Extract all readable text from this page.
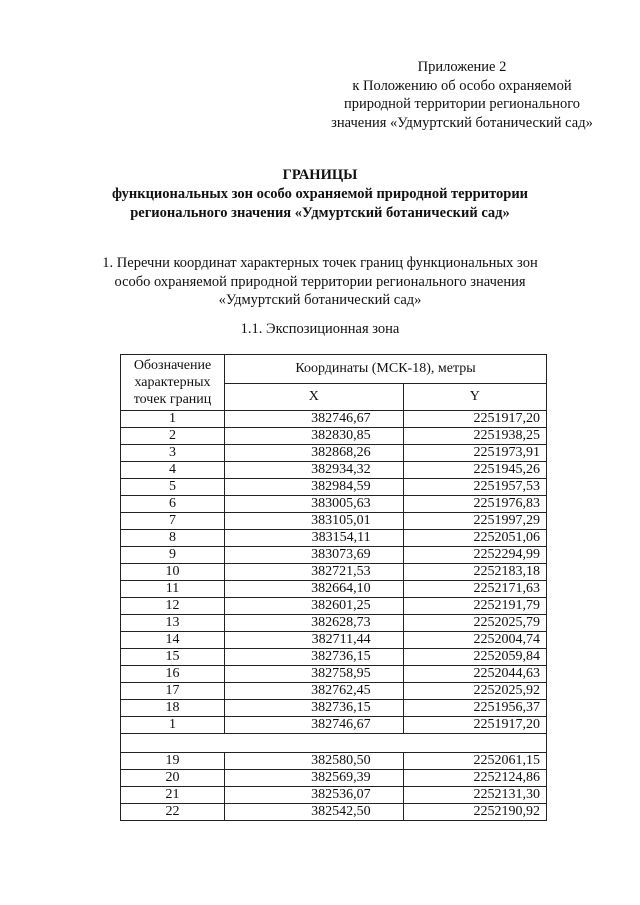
Приложение 2
к Положению об особо охраняемой
природной территории регионального
значения «Удмуртский ботанический сад»
ГРАНИЦЫ
функциональных зон особо охраняемой природной территории
регионального значения «Удмуртский ботанический сад»
1. Перечни координат характерных точек границ функциональных зон
особо охраняемой природной территории регионального значения
«Удмуртский ботанический сад»
1.1. Экспозиционная зона
Обозначение характерных точек границ	Координаты (МСК-18), метры	
	X	Y
1	382746,67	2251917,20
2	382830,85	2251938,25
3	382868,26	2251973,91
4	382934,32	2251945,26
5	382984,59	2251957,53
6	383005,63	2251976,83
7	383105,01	2251997,29
8	383154,11	2252051,06
9	383073,69	2252294,99
10	382721,53	2252183,18
11	382664,10	2252171,63
12	382601,25	2252191,79
13	382628,73	2252025,79
14	382711,44	2252004,74
15	382736,15	2252059,84
16	382758,95	2252044,63
17	382762,45	2252025,92
18	382736,15	2251956,37
1	382746,67	2251917,20

19	382580,50	2252061,15
20	382569,39	2252124,86
21	382536,07	2252131,30
22	382542,50	2252190,92
